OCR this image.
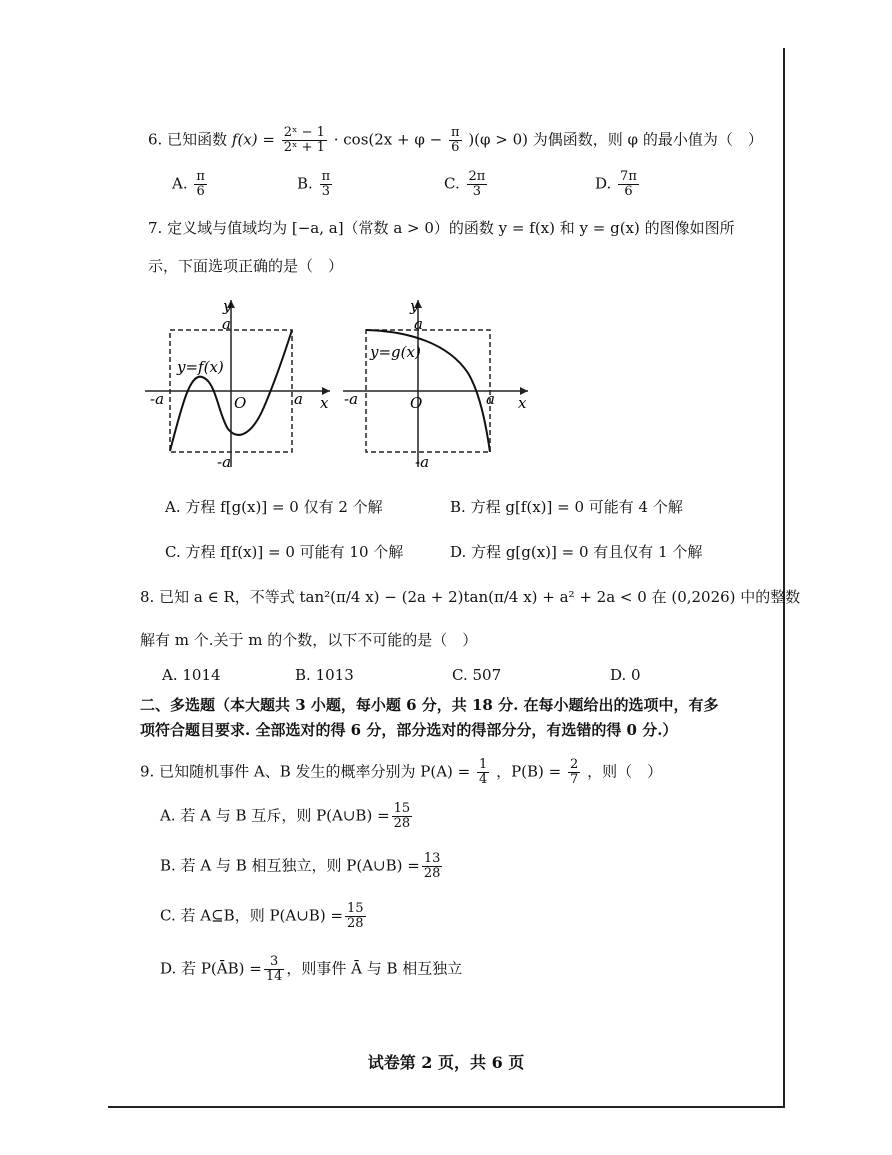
6. 已知函数 $f(x) = \frac{\text{2ˣ − 1}}{\text{2ˣ + 1}} \cdot \cos(2x + \varphi - \frac{\pi}{6} )(\varphi > 0)$ 为偶函数，则 φ 的最小值为（　）
A. $\frac{\pi}{6}$	B. $\frac{\pi}{3}$	C. $\frac{2\pi}{3}$	D. $\frac{7\pi}{6}$
7. 定义域与值域均为 [−a, a]（常数 a > 0）的函数 y = f(x) 和 y = g(x) 的图像如图所
示，下面选项正确的是（　）
y=f(x)
y
x
O
a
-a
-a	a
y=g(x)
y
x
O
a
-a
-a	a
A. 方程 f[g(x)] = 0 仅有 2 个解	B. 方程 g[f(x)] = 0 可能有 4 个解
C. 方程 f[f(x)] = 0 可能有 10 个解	D. 方程 g[g(x)] = 0 有且仅有 1 个解
8. 已知 a ∈ R，不等式 tan²(π/4 x) − (2a + 2)tan(π/4 x) + a² + 2a < 0 在 (0,2026) 中的整数
解有 m 个.关于 m 的个数，以下不可能的是（　）
A. 1014	B. 1013	C. 507	D. 0
二、多选题（本大题共 3 小题，每小题 6 分，共 18 分. 在每小题给出的选项中，有多
项符合题目要求. 全部选对的得 6 分，部分选对的得部分分，有选错的得 0 分.）
9. 已知随机事件 A、B 发生的概率分别为 $P(A) = \frac{1}{4}$ ，$P(B) = \frac{2}{7}$ ，则（　）
A. 若 A 与 B 互斥，则 P(A∪B) = $\frac{15}{28}$
B. 若 A 与 B 相互独立，则 P(A∪B) = $\frac{13}{28}$
C. 若 A⊆B，则 P(A∪B) = $\frac{15}{28}$
D. 若 P(ĀB) = $\frac{3}{14}$ ，则事件 Ā 与 B 相互独立
试卷第 2 页，共 6 页
